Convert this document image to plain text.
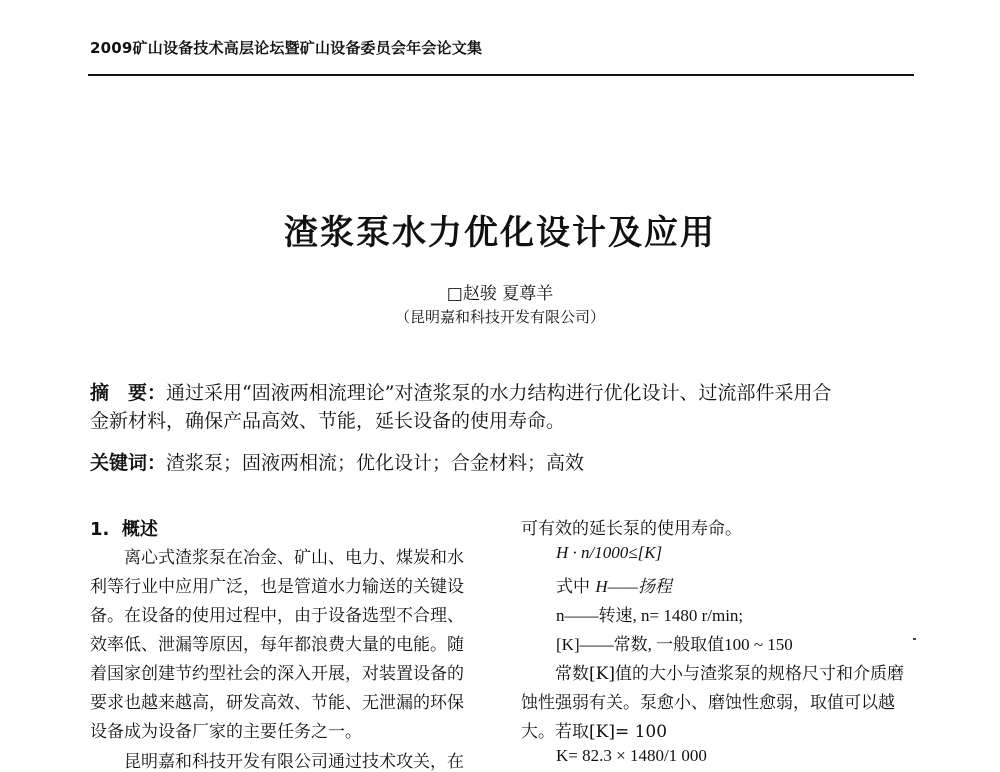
2009矿山设备技术高层论坛暨矿山设备委员会年会论文集
渣浆泵水力优化设计及应用
□赵骏 夏尊羊
（昆明嘉和科技开发有限公司）
摘　要：通过采用“固液两相流理论”对渣浆泵的水力结构进行优化设计、过流部件采用合
金新材料，确保产品高效、节能，延长设备的使用寿命。
关键词：渣浆泵；固液两相流；优化设计；合金材料；高效
1. 概述
　　离心式渣浆泵在冶金、矿山、电力、煤炭和水
利等行业中应用广泛，也是管道水力输送的关键设
备。在设备的使用过程中，由于设备选型不合理、
效率低、泄漏等原因，每年都浪费大量的电能。随
着国家创建节约型社会的深入开展，对装置设备的
要求也越来越高，研发高效、节能、无泄漏的环保
设备成为设备厂家的主要任务之一。
　　昆明嘉和科技开发有限公司通过技术攻关，在
可有效的延长泵的使用寿命。
H · n/1000≤[K]
式中 H——扬程
n——转速, n= 1480 r/min;
[K]——常数, 一般取值100 ~ 150
　　常数[K]值的大小与渣浆泵的规格尺寸和介质磨
蚀性强弱有关。泵愈小、磨蚀性愈弱，取值可以越
大。若取[K]= 100
K= 82.3 × 1480/1 000
